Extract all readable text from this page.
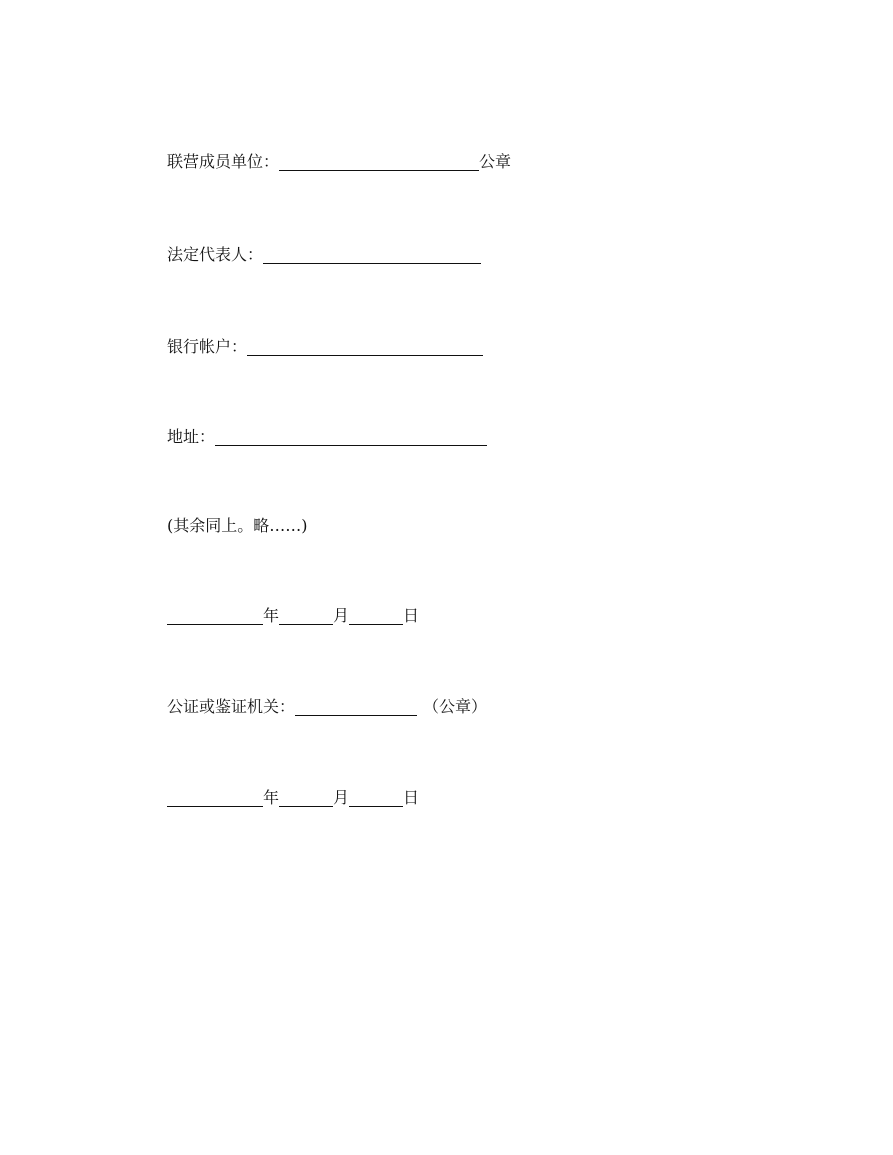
联营成员单位：	公章
法定代表人：
银行帐户：
地址：
(其余同上。略……)
年	月	日
公证或鉴证机关：	（公章）
年	月	日
